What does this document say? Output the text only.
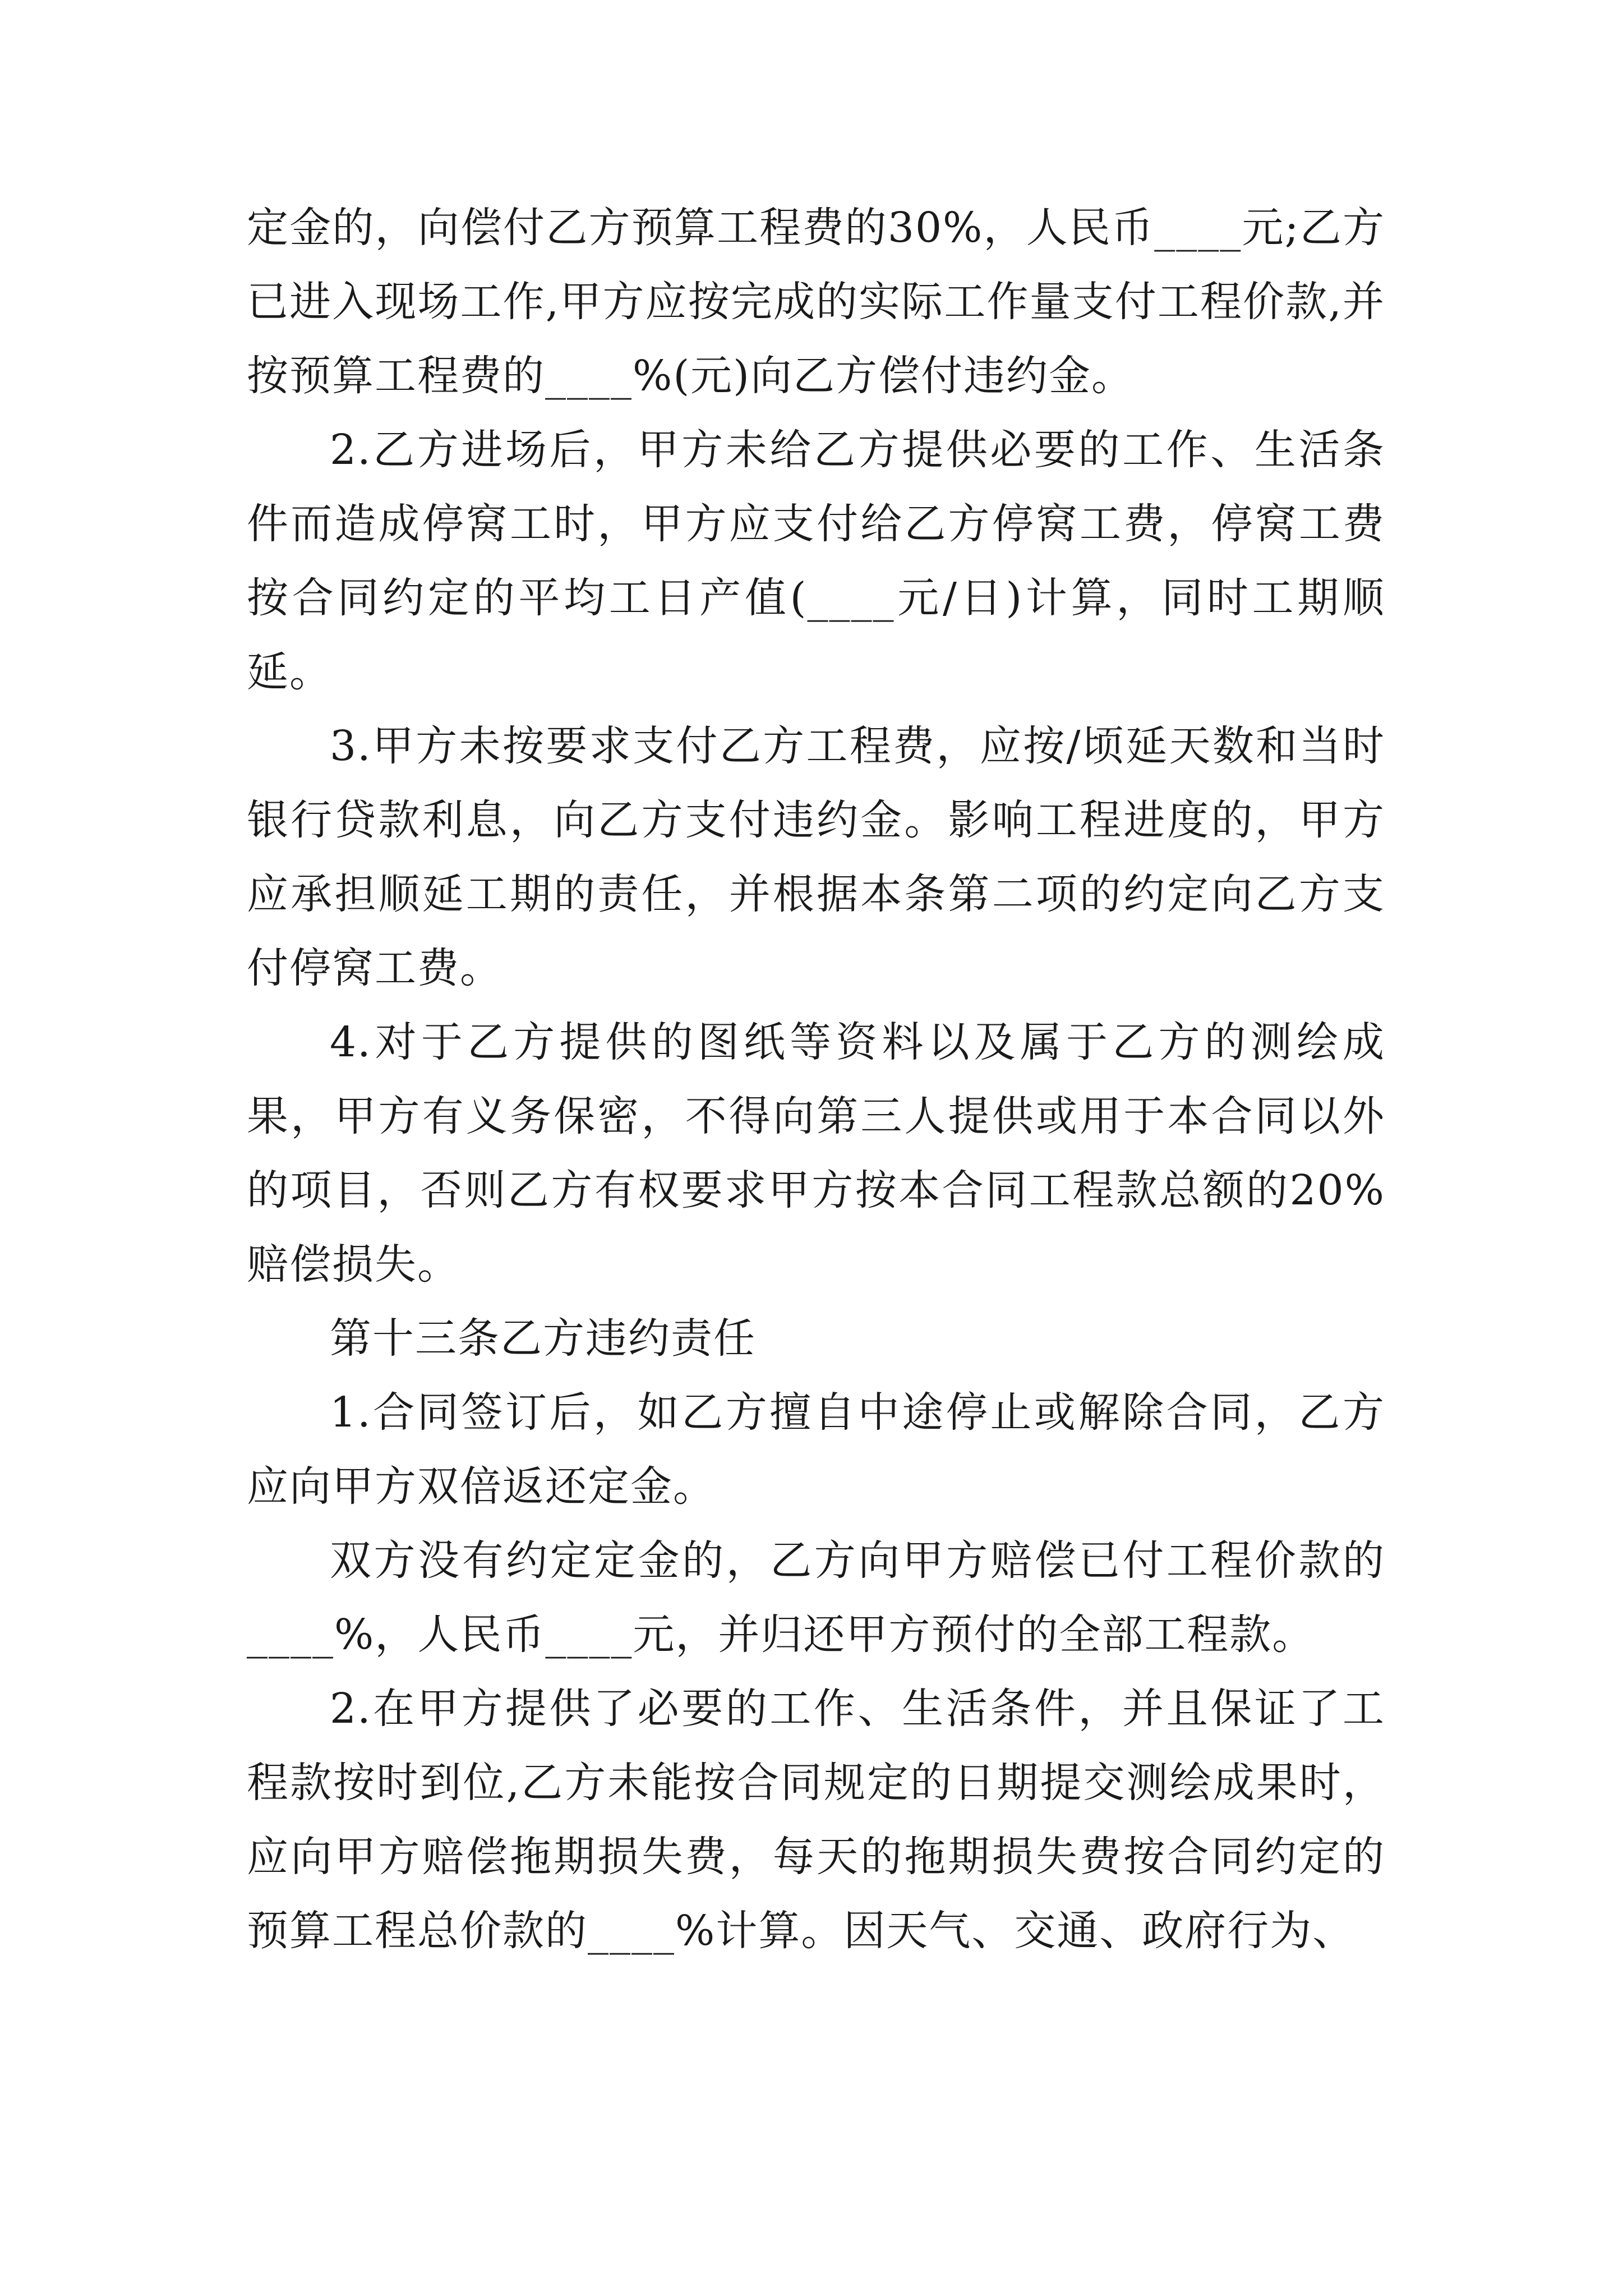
定金的，向偿付乙方预算工程费的30%，人民币____元;乙方已进入现场工作,甲方应按完成的实际工作量支付工程价款,并按预算工程费的____%(元)向乙方偿付违约金。

2.乙方进场后，甲方未给乙方提供必要的工作、生活条件而造成停窝工时，甲方应支付给乙方停窝工费，停窝工费按合同约定的平均工日产值(____元/日)计算，同时工期顺延。

3.甲方未按要求支付乙方工程费，应按/顷延天数和当时银行贷款利息，向乙方支付违约金。影响工程进度的，甲方应承担顺延工期的责任，并根据本条第二项的约定向乙方支付停窝工费。

4.对于乙方提供的图纸等资料以及属于乙方的测绘成果，甲方有义务保密，不得向第三人提供或用于本合同以外的项目，否则乙方有权要求甲方按本合同工程款总额的20%赔偿损失。

第十三条乙方违约责任

1.合同签订后，如乙方擅自中途停止或解除合同，乙方应向甲方双倍返还定金。

双方没有约定定金的，乙方向甲方赔偿已付工程价款的____%，人民币____元，并归还甲方预付的全部工程款。

2.在甲方提供了必要的工作、生活条件，并且保证了工程款按时到位,乙方未能按合同规定的日期提交测绘成果时，应向甲方赔偿拖期损失费，每天的拖期损失费按合同约定的预算工程总价款的____%计算。因天气、交通、政府行为、
